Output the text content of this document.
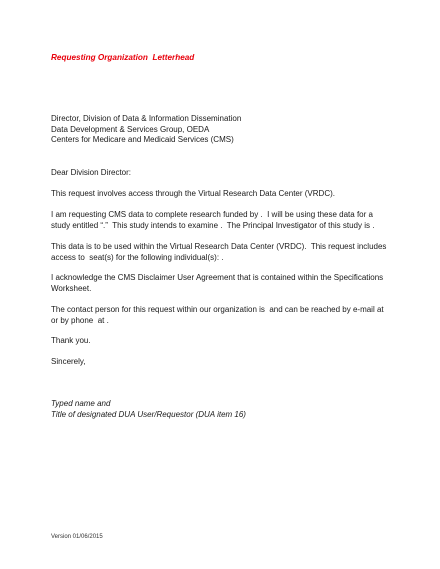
Requesting Organization  Letterhead
Director, Division of Data & Information Dissemination
Data Development & Services Group, OEDA
Centers for Medicare and Medicaid Services (CMS)
Dear Division Director:
This request involves access through the Virtual Research Data Center (VRDC).
I am requesting CMS data to complete research funded by .  I will be using these data for a
study entitled “.”  This study intends to examine .  The Principal Investigator of this study is .
This data is to be used within the Virtual Research Data Center (VRDC).  This request includes
access to  seat(s) for the following individual(s): .
I acknowledge the CMS Disclaimer User Agreement that is contained within the Specifications
Worksheet.
The contact person for this request within our organization is  and can be reached by e-mail at
or by phone  at .
Thank you.
Sincerely,
Typed name and
Title of designated DUA User/Requestor (DUA item 16)
Version 01/06/2015
